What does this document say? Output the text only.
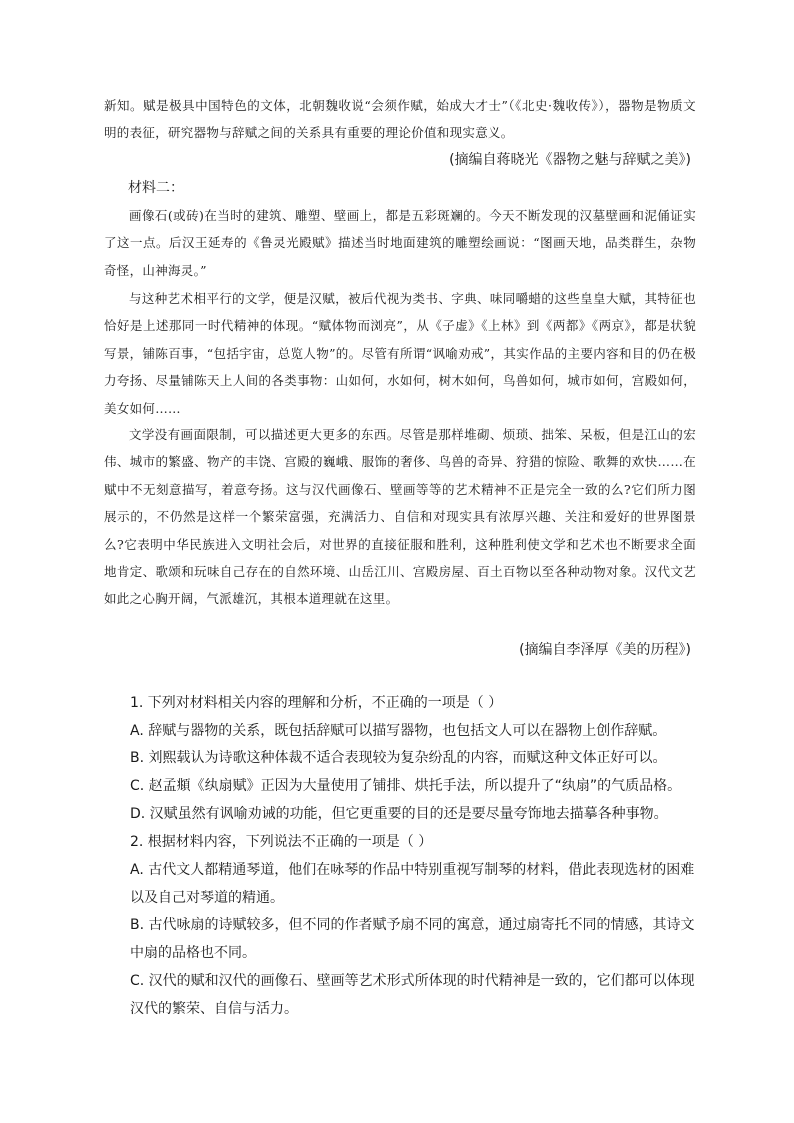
新知。赋是极具中国特色的文体，北朝魏收说“会须作赋，始成大才士”（《北史·魏收传》），器物是物质文明的表征，研究器物与辞赋之间的关系具有重要的理论价值和现实意义。

(摘编自蒋晓光《器物之魅与辞赋之美》)

材料二：

画像石(或砖)在当时的建筑、雕塑、壁画上，都是五彩斑斓的。今天不断发现的汉墓壁画和泥俑证实了这一点。后汉王延寿的《鲁灵光殿赋》描述当时地面建筑的雕塑绘画说：“图画天地，品类群生，杂物奇怪，山神海灵。”

与这种艺术相平行的文学，便是汉赋，被后代视为类书、字典、味同嚼蜡的这些皇皇大赋，其特征也恰好是上述那同一时代精神的体现。“赋体物而浏亮”，从《子虚》《上林》到《两都》《两京》，都是状貌写景，铺陈百事，“包括宇宙，总览人物”的。尽管有所谓“讽喻劝戒”，其实作品的主要内容和目的仍在极力夸扬、尽量铺陈天上人间的各类事物：山如何，水如何，树木如何，鸟兽如何，城市如何，宫殿如何，美女如何……

文学没有画面限制，可以描述更大更多的东西。尽管是那样堆砌、烦琐、拙笨、呆板，但是江山的宏伟、城市的繁盛、物产的丰饶、宫殿的巍峨、服饰的奢侈、鸟兽的奇异、狩猎的惊险、歌舞的欢快……在赋中不无刻意描写，着意夸扬。这与汉代画像石、壁画等等的艺术精神不正是完全一致的么?它们所力图展示的，不仍然是这样一个繁荣富强，充满活力、自信和对现实具有浓厚兴趣、关注和爱好的世界图景么?它表明中华民族进入文明社会后，对世界的直接征服和胜利，这种胜利使文学和艺术也不断要求全面地肯定、歌颂和玩味自己存在的自然环境、山岳江川、宫殿房屋、百土百物以至各种动物对象。汉代文艺如此之心胸开阔，气派雄沉，其根本道理就在这里。

(摘编自李泽厚《美的历程》)

1. 下列对材料相关内容的理解和分析，不正确的一项是（ ）

A. 辞赋与器物的关系，既包括辞赋可以描写器物，也包括文人可以在器物上创作辞赋。

B. 刘熙载认为诗歌这种体裁不适合表现较为复杂纷乱的内容，而赋这种文体正好可以。

C. 赵孟頫《纨扇赋》正因为大量使用了铺排、烘托手法，所以提升了“纨扇”的气质品格。

D. 汉赋虽然有讽喻劝诫的功能，但它更重要的目的还是要尽量夸饰地去描摹各种事物。

2. 根据材料内容，下列说法不正确的一项是（ ）

A. 古代文人都精通琴道，他们在咏琴的作品中特别重视写制琴的材料，借此表现选材的困难以及自己对琴道的精通。

B. 古代咏扇的诗赋较多，但不同的作者赋予扇不同的寓意，通过扇寄托不同的情感，其诗文中扇的品格也不同。

C. 汉代的赋和汉代的画像石、壁画等艺术形式所体现的时代精神是一致的，它们都可以体现汉代的繁荣、自信与活力。
